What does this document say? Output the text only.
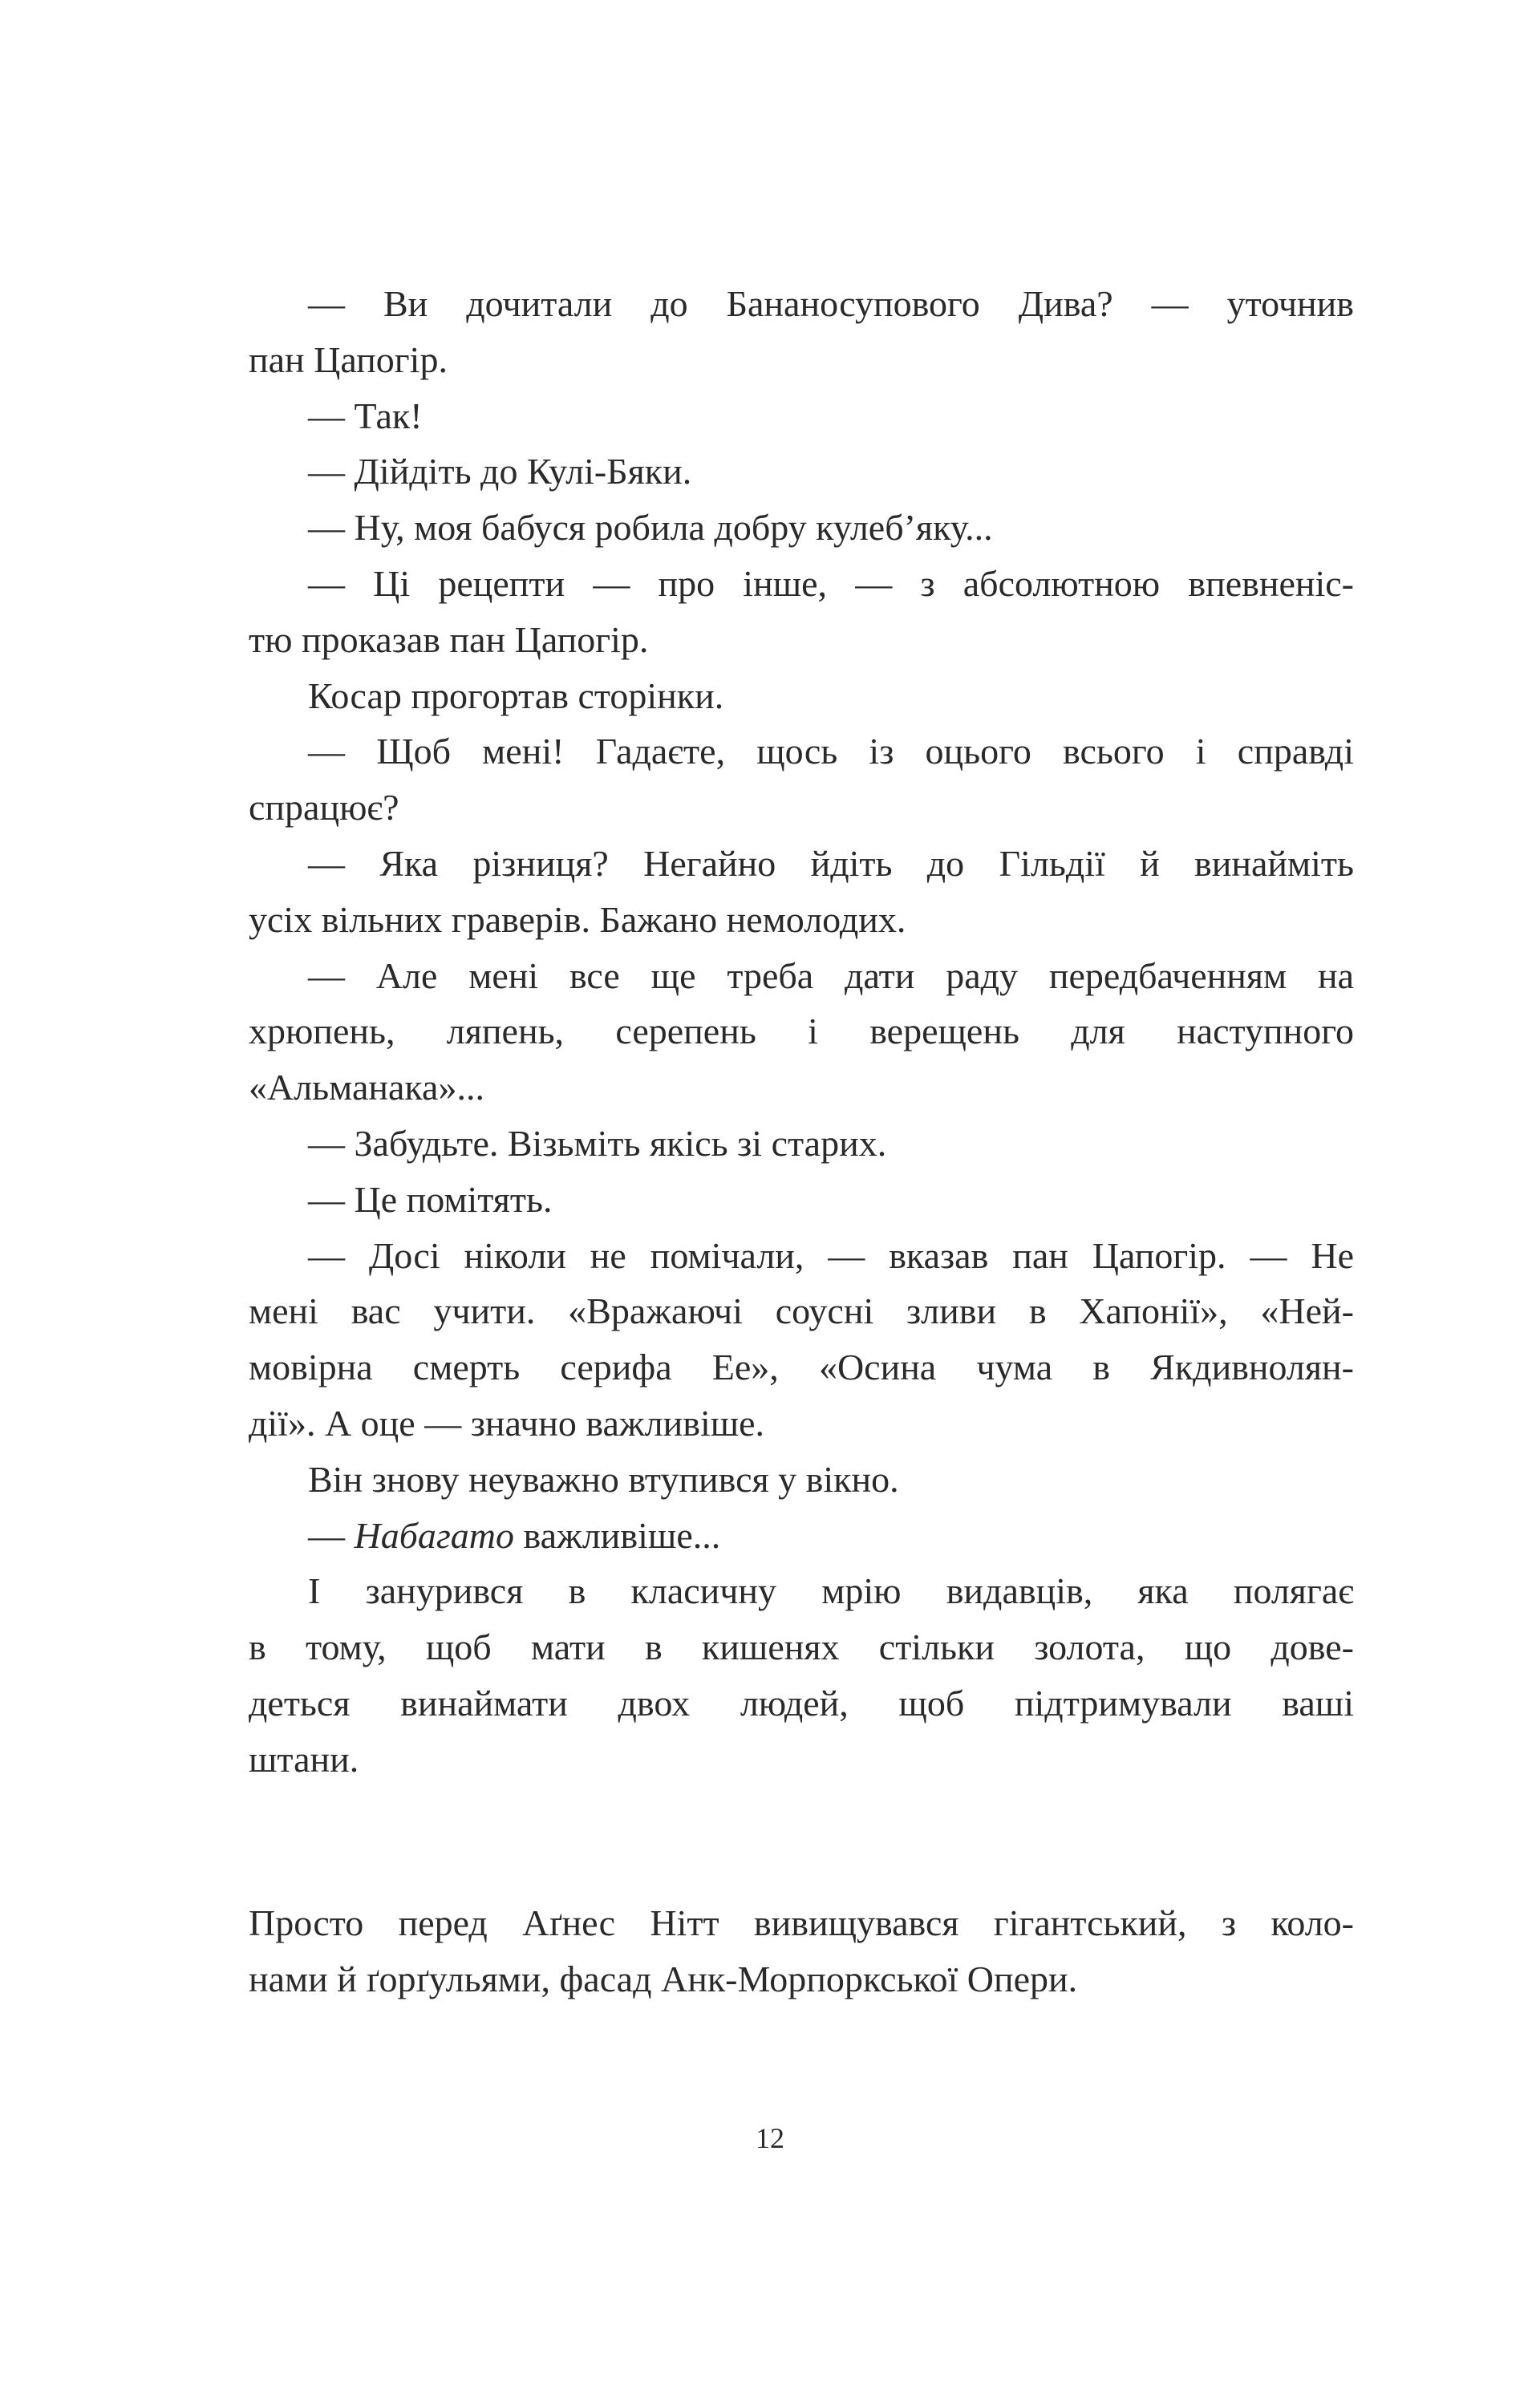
— Ви дочитали до Бананосупового Дива? — уточнив
пан Цапогір.
— Так!
— Дійдіть до Кулі-Бяки.
— Ну, моя бабуся робила добру кулеб’яку...
— Ці рецепти — про інше, — з абсолютною впевненіс-
тю проказав пан Цапогір.
Косар прогортав сторінки.
— Щоб мені! Гадаєте, щось із оцього всього і справді
спрацює?
— Яка різниця? Негайно йдіть до Гільдії й винайміть
усіх вільних граверів. Бажано немолодих.
— Але мені все ще треба дати раду передбаченням на
хрюпень, ляпень, серепень і верещень для наступного
«Альманака»...
— Забудьте. Візьміть якісь зі старих.
— Це помітять.
— Досі ніколи не помічали, — вказав пан Цапогір. — Не
мені вас учити. «Вражаючі соусні зливи в Хапонії», «Ней-
мовірна смерть серифа Ее», «Осина чума в Якдивнолян-
дії». А оце — значно важливіше.
Він знову неуважно втупився у вікно.
— Набагато важливіше...
І занурився в класичну мрію видавців, яка полягає
в тому, щоб мати в кишенях стільки золота, що дове-
деться винаймати двох людей, щоб підтримували ваші
штани.
Просто перед Аґнес Нітт вивищувався гігантський, з коло-
нами й ґорґульями, фасад Анк-Морпоркської Опери.
12
